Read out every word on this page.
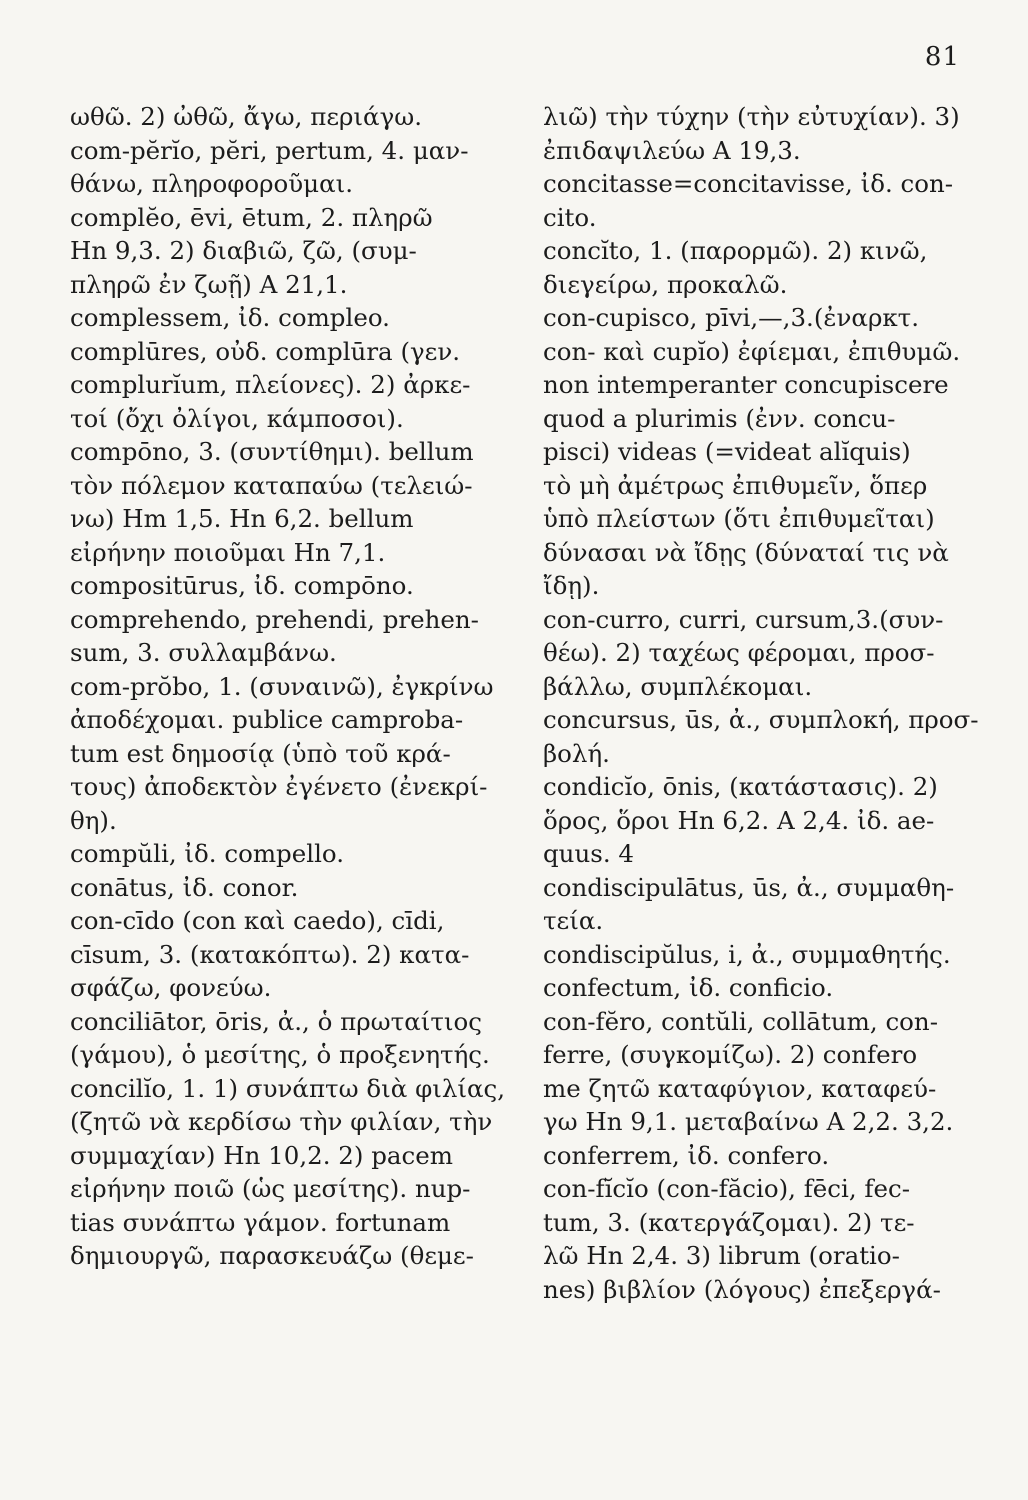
81
ωθῶ. 2) ὠθῶ, ἄγω, περιάγω.
com-pĕrĭo, pĕri, pertum, 4. μαν-
θάνω, πληροφοροῦμαι.
complĕo, ēvi, ētum, 2. πληρῶ
Hn 9,3. 2) διαβιῶ, ζῶ, (συμ-
πληρῶ ἐν ζωῇ) A 21,1.
complessem, ἰδ. compleo.
complūres, οὐδ. complūra (γεν.
complurĭum, πλείονες). 2) ἀρκε-
τοί (ὄχι ὀλίγοι, κάμποσοι).
compōno, 3. (συντίθημι). bellum
τὸν πόλεμον καταπαύω (τελειώ-
νω) Hm 1,5. Hn 6,2. bellum
εἰρήνην ποιοῦμαι Hn 7,1.
compositūrus, ἰδ. compōno.
comprehendo, prehendi, prehen-
sum, 3. συλλαμβάνω.
com-prŏbo, 1. (συναινῶ), ἐγκρίνω
ἀποδέχομαι. publice camproba-
tum est δημοσίᾳ (ὑπὸ τοῦ κρά-
τους) ἀποδεκτὸν ἐγένετο (ἐνεκρί-
θη).
compŭli, ἰδ. compello.
conātus, ἰδ. conor.
con-cīdo (con καὶ caedo), cīdi,
cīsum, 3. (κατακόπτω). 2) κατα-
σφάζω, φονεύω.
conciliātor, ōris, ἀ., ὁ πρωταίτιος
(γάμου), ὁ μεσίτης, ὁ προξενητής.
concilĭo, 1. 1) συνάπτω διὰ φιλίας,
(ζητῶ νὰ κερδίσω τὴν φιλίαν, τὴν
συμμαχίαν) Hn 10,2. 2) pacem
εἰρήνην ποιῶ (ὡς μεσίτης). nup-
tias συνάπτω γάμον. fortunam
δημιουργῶ, παρασκευάζω (θεμε-
λιῶ) τὴν τύχην (τὴν εὐτυχίαν). 3)
ἐπιδαψιλεύω A 19,3.
concitasse=concitavisse, ἰδ. con-
cito.
concĭto, 1. (παρορμῶ). 2) κινῶ,
διεγείρω, προκαλῶ.
con-cupisco, pīvi,—,3.(ἐναρκτ.
con- καὶ cupĭo) ἐφίεμαι, ἐπιθυμῶ.
non intemperanter concupiscere
quod a plurimis (ἐνν. concu-
pisci) videas (=videat alĭquis)
τὸ μὴ ἀμέτρως ἐπιθυμεῖν, ὅπερ
ὑπὸ πλείστων (ὅτι ἐπιθυμεῖται)
δύνασαι νὰ ἴδῃς (δύναταί τις νὰ
ἴδῃ).
con-curro, curri, cursum,3.(συν-
θέω). 2) ταχέως φέρομαι, προσ-
βάλλω, συμπλέκομαι.
concursus, ūs, ἀ., συμπλοκή, προσ-
βολή.
condicĭo, ōnis, (κατάστασις). 2)
ὅρος, ὅροι Hn 6,2. A 2,4. ἰδ. ae-
quus. 4
condiscipulātus, ūs, ἀ., συμμαθη-
τεία.
condiscipŭlus, i, ἀ., συμμαθητής.
confectum, ἰδ. conficio.
con-fĕro, contŭli, collātum, con-
ferre, (συγκομίζω). 2) confero
me ζητῶ καταφύγιον, καταφεύ-
γω Hn 9,1. μεταβαίνω A 2,2. 3,2.
conferrem, ἰδ. confero.
con-fĭcĭo (con-făcio), fēci, fec-
tum, 3. (κατεργάζομαι). 2) τε-
λῶ Hn 2,4. 3) librum (oratio-
nes) βιβλίον (λόγους) ἐπεξεργά-
